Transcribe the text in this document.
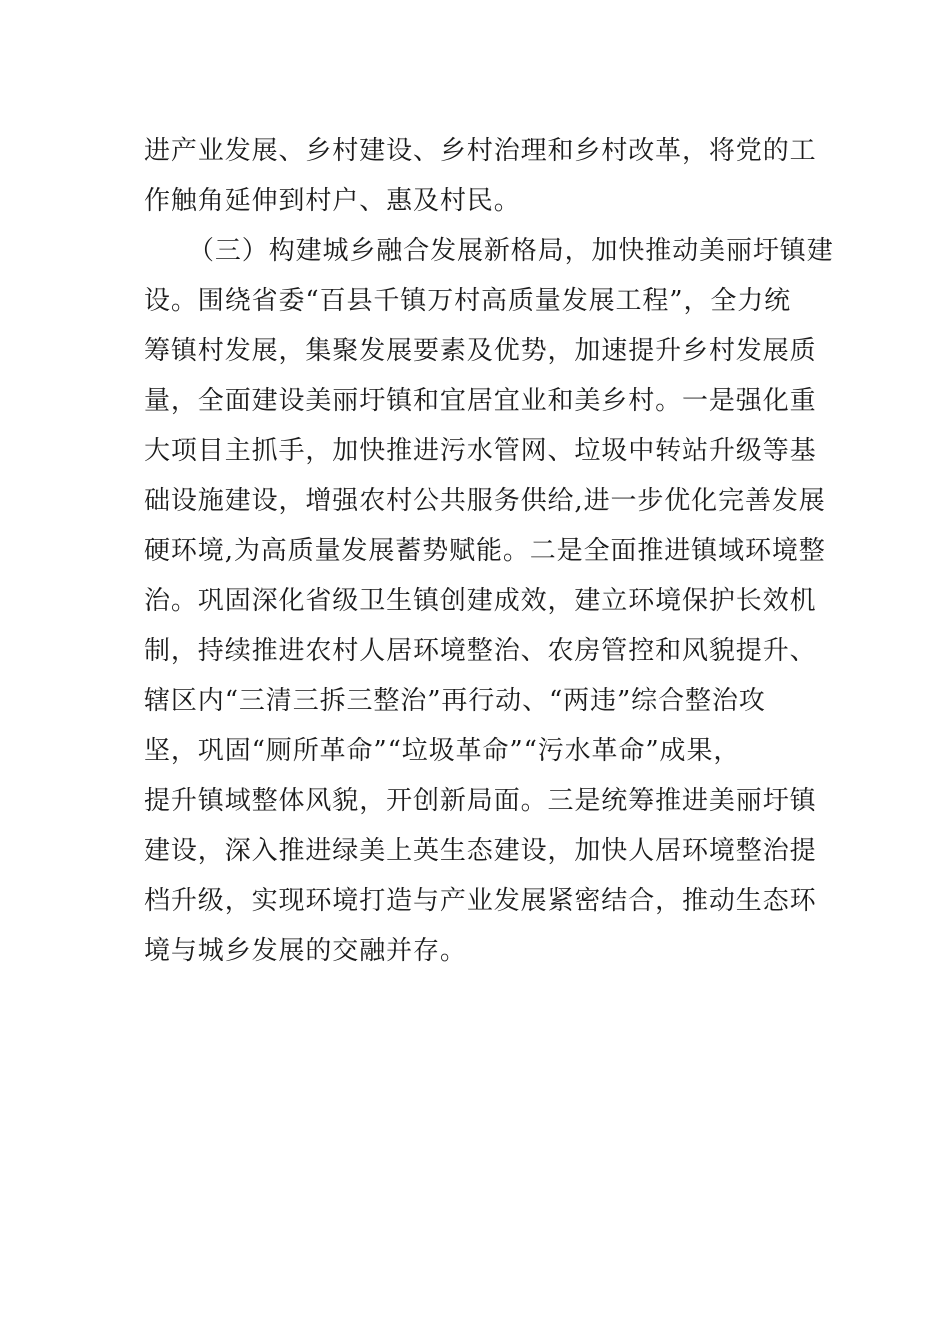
进产业发展、乡村建设、乡村治理和乡村改革，将党的工
作触角延伸到村户、惠及村民。
（三）构建城乡融合发展新格局，加快推动美丽圩镇建
设。围绕省委“百县千镇万村高质量发展工程”，全力统
筹镇村发展，集聚发展要素及优势，加速提升乡村发展质
量，全面建设美丽圩镇和宜居宜业和美乡村。一是强化重
大项目主抓手，加快推进污水管网、垃圾中转站升级等基
础设施建设，增强农村公共服务供给,进一步优化完善发展
硬环境,为高质量发展蓄势赋能。二是全面推进镇域环境整
治。巩固深化省级卫生镇创建成效，建立环境保护长效机
制，持续推进农村人居环境整治、农房管控和风貌提升、
辖区内“三清三拆三整治”再行动、“两违”综合整治攻
坚，巩固“厕所革命”“垃圾革命”“污水革命”成果，
提升镇域整体风貌，开创新局面。三是统筹推进美丽圩镇
建设，深入推进绿美上英生态建设，加快人居环境整治提
档升级，实现环境打造与产业发展紧密结合，推动生态环
境与城乡发展的交融并存。
